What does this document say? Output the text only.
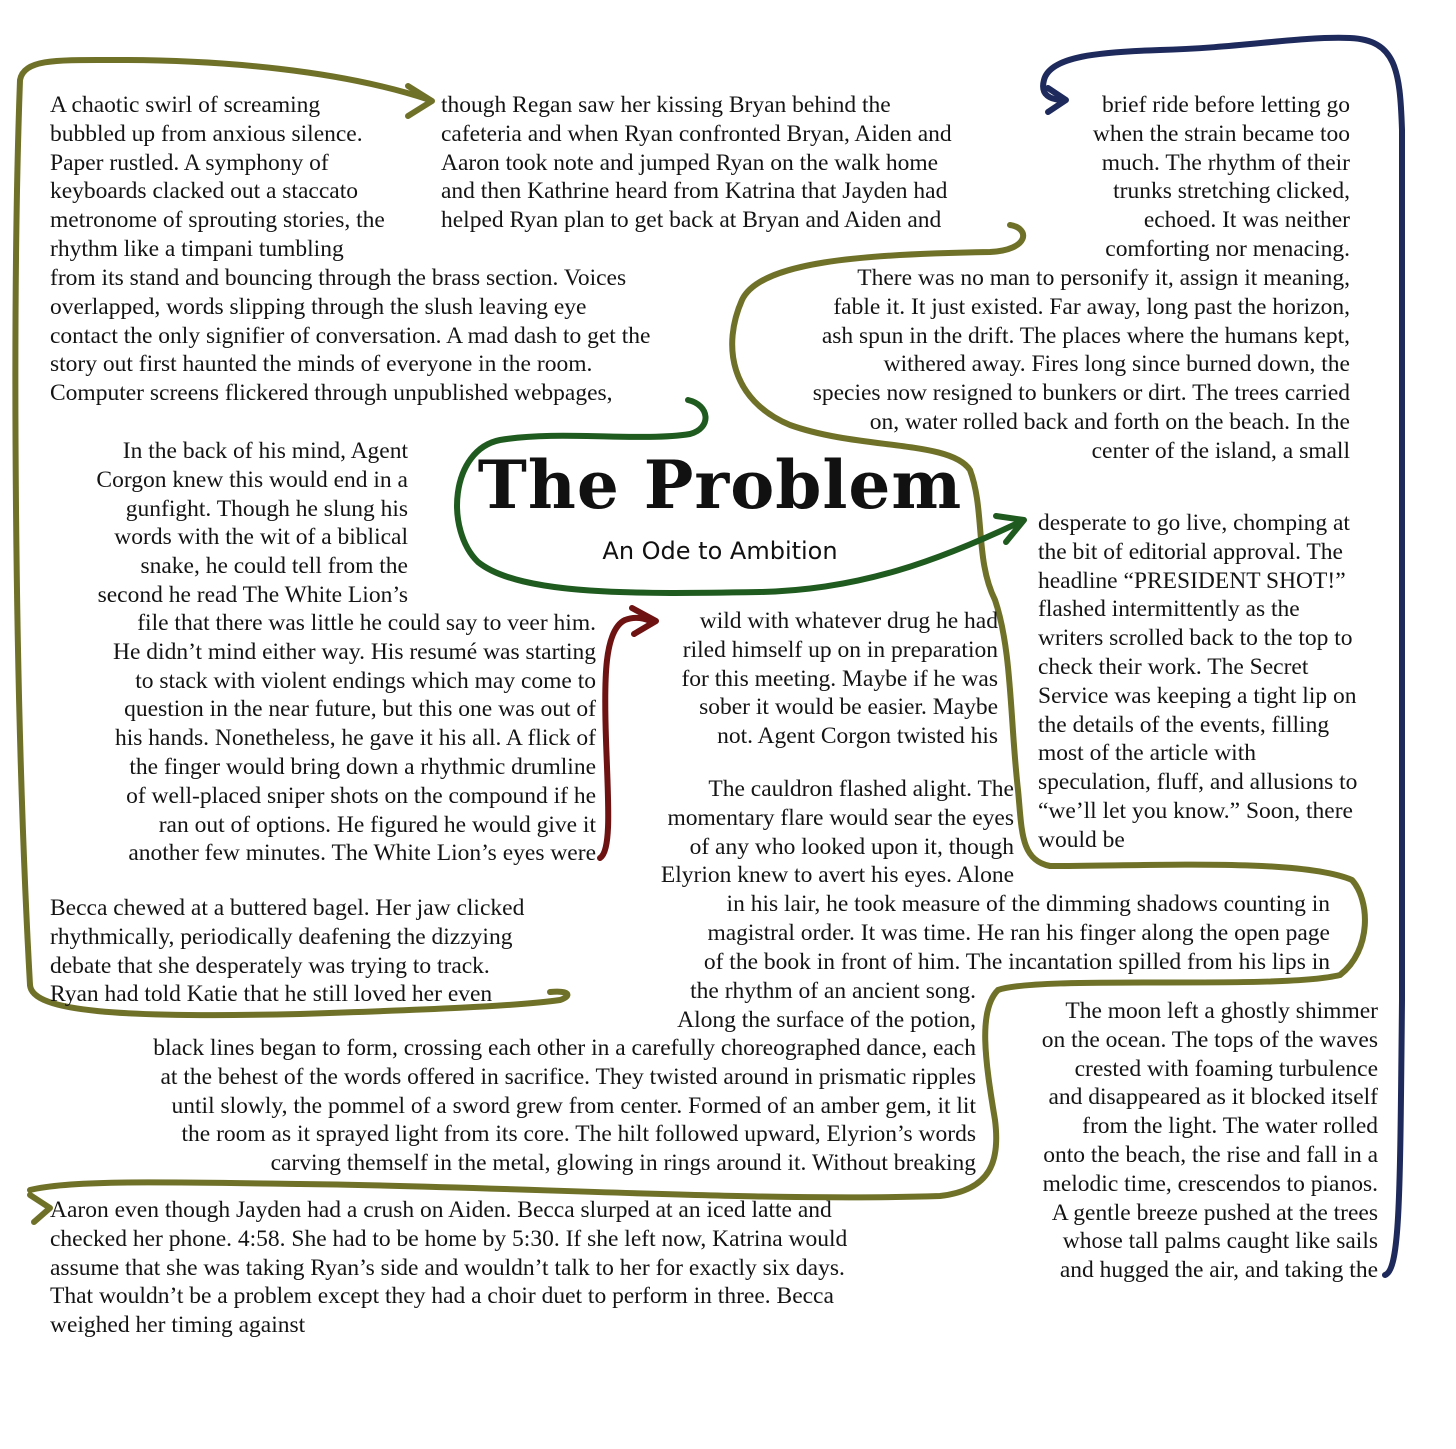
The Problem
An Ode to Ambition
A chaotic swirl of screaming
bubbled up from anxious silence.
Paper rustled. A symphony of
keyboards clacked out a staccato
metronome of sprouting stories, the
rhythm like a timpani tumbling
from its stand and bouncing through the brass section. Voices
overlapped, words slipping through the slush leaving eye
contact the only signifier of conversation. A mad dash to get the
story out first haunted the minds of everyone in the room.
Computer screens flickered through unpublished webpages,
though Regan saw her kissing Bryan behind the
cafeteria and when Ryan confronted Bryan, Aiden and
Aaron took note and jumped Ryan on the walk home
and then Kathrine heard from Katrina that Jayden had
helped Ryan plan to get back at Bryan and Aiden and
brief ride before letting go
when the strain became too
much. The rhythm of their
trunks stretching clicked,
echoed. It was neither
comforting nor menacing.
There was no man to personify it, assign it meaning,
fable it. It just existed. Far away, long past the horizon,
ash spun in the drift. The places where the humans kept,
withered away. Fires long since burned down, the
species now resigned to bunkers or dirt. The trees carried
on, water rolled back and forth on the beach. In the
center of the island, a small
In the back of his mind, Agent
Corgon knew this would end in a
gunfight. Though he slung his
words with the wit of a biblical
snake, he could tell from the
second he read The White Lion’s
file that there was little he could say to veer him.
He didn’t mind either way. His resumé was starting
to stack with violent endings which may come to
question in the near future, but this one was out of
his hands. Nonetheless, he gave it his all. A flick of
the finger would bring down a rhythmic drumline
of well-placed sniper shots on the compound if he
ran out of options. He figured he would give it
another few minutes. The White Lion’s eyes were
wild with whatever drug he had
riled himself up on in preparation
for this meeting. Maybe if he was
sober it would be easier. Maybe
not. Agent Corgon twisted his
desperate to go live, chomping at
the bit of editorial approval. The
headline “PRESIDENT SHOT!”
flashed intermittently as the
writers scrolled back to the top to
check their work. The Secret
Service was keeping a tight lip on
the details of the events, filling
most of the article with
speculation, fluff, and allusions to
“we’ll let you know.” Soon, there
would be
The cauldron flashed alight. The
momentary flare would sear the eyes
of any who looked upon it, though
Elyrion knew to avert his eyes. Alone
in his lair, he took measure of the dimming shadows counting in
magistral order. It was time. He ran his finger along the open page
of the book in front of him. The incantation spilled from his lips in
the rhythm of an ancient song.
Along the surface of the potion,
black lines began to form, crossing each other in a carefully choreographed dance, each
at the behest of the words offered in sacrifice. They twisted around in prismatic ripples
until slowly, the pommel of a sword grew from center. Formed of an amber gem, it lit
the room as it sprayed light from its core. The hilt followed upward, Elyrion’s words
carving themself in the metal, glowing in rings around it. Without breaking
Becca chewed at a buttered bagel. Her jaw clicked
rhythmically, periodically deafening the dizzying
debate that she desperately was trying to track.
Ryan had told Katie that he still loved her even
The moon left a ghostly shimmer
on the ocean. The tops of the waves
crested with foaming turbulence
and disappeared as it blocked itself
from the light. The water rolled
onto the beach, the rise and fall in a
melodic time, crescendos to pianos.
A gentle breeze pushed at the trees
whose tall palms caught like sails
and hugged the air, and taking the
Aaron even though Jayden had a crush on Aiden. Becca slurped at an iced latte and
checked her phone. 4:58. She had to be home by 5:30. If she left now, Katrina would
assume that she was taking Ryan’s side and wouldn’t talk to her for exactly six days.
That wouldn’t be a problem except they had a choir duet to perform in three. Becca
weighed her timing against
